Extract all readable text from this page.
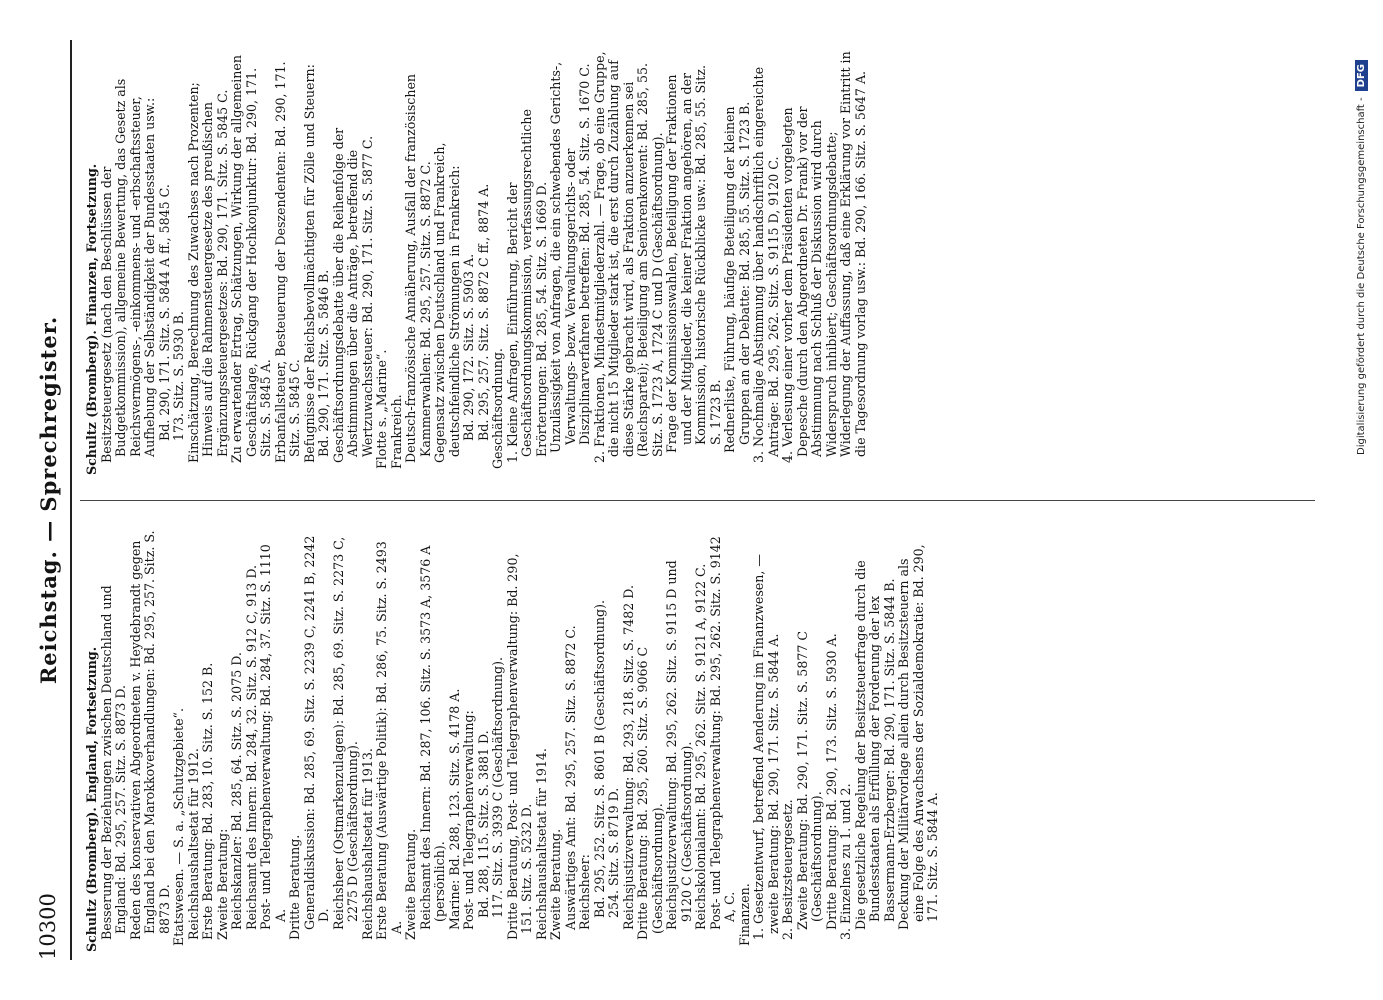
10300
Reichstag. — Sprechregister.
Schultz (Bromberg). England, Fortsetzung. Besserung der Beziehungen zwischen Deutschland und England: Bd. 295, 257. Sitz. S. 8873 D. Reden des konservativen Abgeordneten v. Heydebrandt gegen England bei den Marokkoverhandlungen: Bd. 295, 257. Sitz. S. 8873 D. Etatswesen. — S. a. „Schutzgebiete“. Reichshaushaltsetat für 1912. Erste Beratung: Bd. 283, 10. Sitz. S. 152 B. Zweite Beratung: Reichskanzler: Bd. 285, 64. Sitz. S. 2075 D. Reichsamt des Innern: Bd. 284, 32. Sitz. S. 912 C, 913 D. Post- und Telegraphenverwaltung: Bd. 284, 37. Sitz. S. 1110 A. Dritte Beratung. Generaldiskussion: Bd. 285, 69. Sitz. S. 2239 C, 2241 B, 2242 D. Reichsheer (Ostmarkenzulagen): Bd. 285, 69. Sitz. S. 2273 C, 2275 D (Geschäftsordnung). Reichshaushaltsetat für 1913. Erste Beratung (Auswärtige Politik): Bd. 286, 75. Sitz. S. 2493 A. Zweite Beratung. Reichsamt des Innern: Bd. 287, 106. Sitz. S. 3573 A, 3576 A (persönlich). Marine: Bd. 288, 123. Sitz. S. 4178 A. Post- und Telegraphenverwaltung: Bd. 288, 115. Sitz. S. 3881 D. 117. Sitz. S. 3939 C (Geschäftsordnung). Dritte Beratung, Post- und Telegraphenverwaltung: Bd. 290, 151. Sitz. S. 5232 D. Reichshaushaltsetat für 1914. Zweite Beratung. Auswärtiges Amt: Bd. 295, 257. Sitz. S. 8872 C. Reichsheer: Bd. 295, 252. Sitz. S. 8601 B (Geschäftsordnung). 254. Sitz. S. 8719 D. Reichsjustizverwaltung: Bd. 293, 218. Sitz. S. 7482 D. Dritte Beratung: Bd. 295, 260. Sitz. S. 9066 C (Geschäftsordnung). Reichsjustizverwaltung: Bd. 295, 262. Sitz. S. 9115 D und 9120 C (Geschäftsordnung). Reichskolonialamt: Bd. 295, 262. Sitz. S. 9121 A, 9122 C. Post- und Telegraphenverwaltung: Bd. 295, 262. Sitz. S. 9142 A, C. Finanzen. 1. Gesetzentwurf, betreffend Aenderung im Finanzwesen, — zweite Beratung: Bd. 290, 171. Sitz. S. 5844 A. 2. Besitzsteuergesetz. Zweite Beratung: Bd. 290, 171. Sitz. S. 5877 C (Geschäftsordnung). Dritte Beratung: Bd. 290, 173. Sitz. S. 5930 A. 3. Einzelnes zu 1. und 2. Die gesetzliche Regelung der Besitzsteuerfrage durch die Bundesstaaten als Erfüllung der Forderung der lex Bassermann-Erzberger: Bd. 290, 171. Sitz. S. 5844 B. Deckung der Militärvorlage allein durch Besitzsteuern als eine Folge des Anwachsens der Sozialdemokratie: Bd. 290, 171. Sitz. S. 5844 A.
Schultz (Bromberg). Finanzen, Fortsetzung. Besitzsteuergesetz (nach den Beschlüssen der Budgetkommission), allgemeine Bewertung, das Gesetz als Reichsvermögens-, -einkommens- und -erbschaftssteuer, Aufhebung der Selbständigkeit der Bundesstaaten usw.: Bd. 290, 171. Sitz. S. 5844 A ff., 5845 C. 173. Sitz. S. 5930 B. Einschätzung, Berechnung des Zuwachses nach Prozenten; Hinweis auf die Rahmensteuergesetze des preußischen Ergänzungssteuergesetzes: Bd. 290, 171. Sitz. S. 5845 C. Zu erwartender Ertrag, Schätzungen, Wirkung der allgemeinen Geschäftslage, Rückgang der Hochkonjunktur: Bd. 290, 171. Sitz. S. 5845 A. Erbanfallsteuer, Besteuerung der Deszendenten: Bd. 290, 171. Sitz. S. 5845 C. Befugnisse der Reichsbevollmächtigten für Zölle und Steuern: Bd. 290, 171. Sitz. S. 5846 B. Geschäftsordnungsdebatte über die Reihenfolge der Abstimmungen über die Anträge, betreffend die Wertzuwachssteuer: Bd. 290, 171. Sitz. S. 5877 C. Flotte s. „Marine“. Frankreich. Deutsch-französische Annäherung, Ausfall der französischen Kammerwahlen: Bd. 295, 257. Sitz. S. 8872 C. Gegensatz zwischen Deutschland und Frankreich, deutschfeindliche Strömungen in Frankreich: Bd. 290, 172. Sitz. S. 5903 A. Bd. 295, 257. Sitz. S. 8872 C ff., 8874 A. Geschäftsordnung. 1. Kleine Anfragen, Einführung, Bericht der Geschäftsordnungskommission, verfassungsrechtliche Erörterungen: Bd. 285, 54. Sitz. S. 1669 D. Unzulässigkeit von Anfragen, die ein schwebendes Gerichts-, Verwaltungs- bezw. Verwaltungsgerichts- oder Disziplinarverfahren betreffen: Bd. 285, 54. Sitz. S. 1670 C. 2. Fraktionen, Mindestmitgliederzahl. — Frage, ob eine Gruppe, die nicht 15 Mitglieder stark ist, die erst durch Zuzählung auf diese Stärke gebracht wird, als Fraktion anzuerkennen sei (Reichspartei); Beteiligung am Seniorenkonvent: Bd. 285, 55. Sitz. S. 1723 A, 1724 C und D (Geschäftsordnung). Frage der Kommissionswahlen, Beteiligung der Fraktionen und der Mitglieder, die keiner Fraktion angehören, an der Kommission, historische Rückblicke usw.: Bd. 285, 55. Sitz. S. 1723 B. Rednerliste, Führung, häufige Beteiligung der kleinen Gruppen an der Debatte: Bd. 285, 55. Sitz. S. 1723 B. 3. Nochmalige Abstimmung über handschriftlich eingereichte Anträge: Bd. 295, 262. Sitz. S. 9115 D, 9120 C. 4. Verlesung einer vorher dem Präsidenten vorgelegten Depesche (durch den Abgeordneten Dr. Frank) vor der Abstimmung nach Schluß der Diskussion wird durch Widerspruch inhibiert; Geschäftsordnungsdebatte; Widerlegung der Auffassung, daß eine Erklärung vor Eintritt in die Tagesordnung vorlag usw.: Bd. 290, 166. Sitz. S. 5647 A.	Digitalisierung gefördert durch die Deutsche Forschungsgemeinschaft -DFG
